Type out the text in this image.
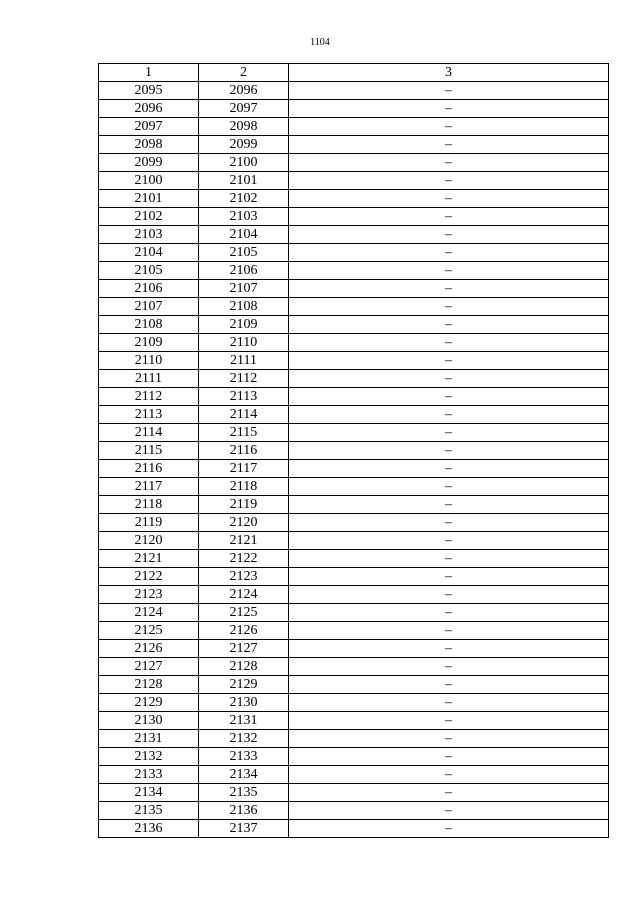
1104
1	2	3
2095	2096	–
2096	2097	–
2097	2098	–
2098	2099	–
2099	2100	–
2100	2101	–
2101	2102	–
2102	2103	–
2103	2104	–
2104	2105	–
2105	2106	–
2106	2107	–
2107	2108	–
2108	2109	–
2109	2110	–
2110	2111	–
2111	2112	–
2112	2113	–
2113	2114	–
2114	2115	–
2115	2116	–
2116	2117	–
2117	2118	–
2118	2119	–
2119	2120	–
2120	2121	–
2121	2122	–
2122	2123	–
2123	2124	–
2124	2125	–
2125	2126	–
2126	2127	–
2127	2128	–
2128	2129	–
2129	2130	–
2130	2131	–
2131	2132	–
2132	2133	–
2133	2134	–
2134	2135	–
2135	2136	–
2136	2137	–
